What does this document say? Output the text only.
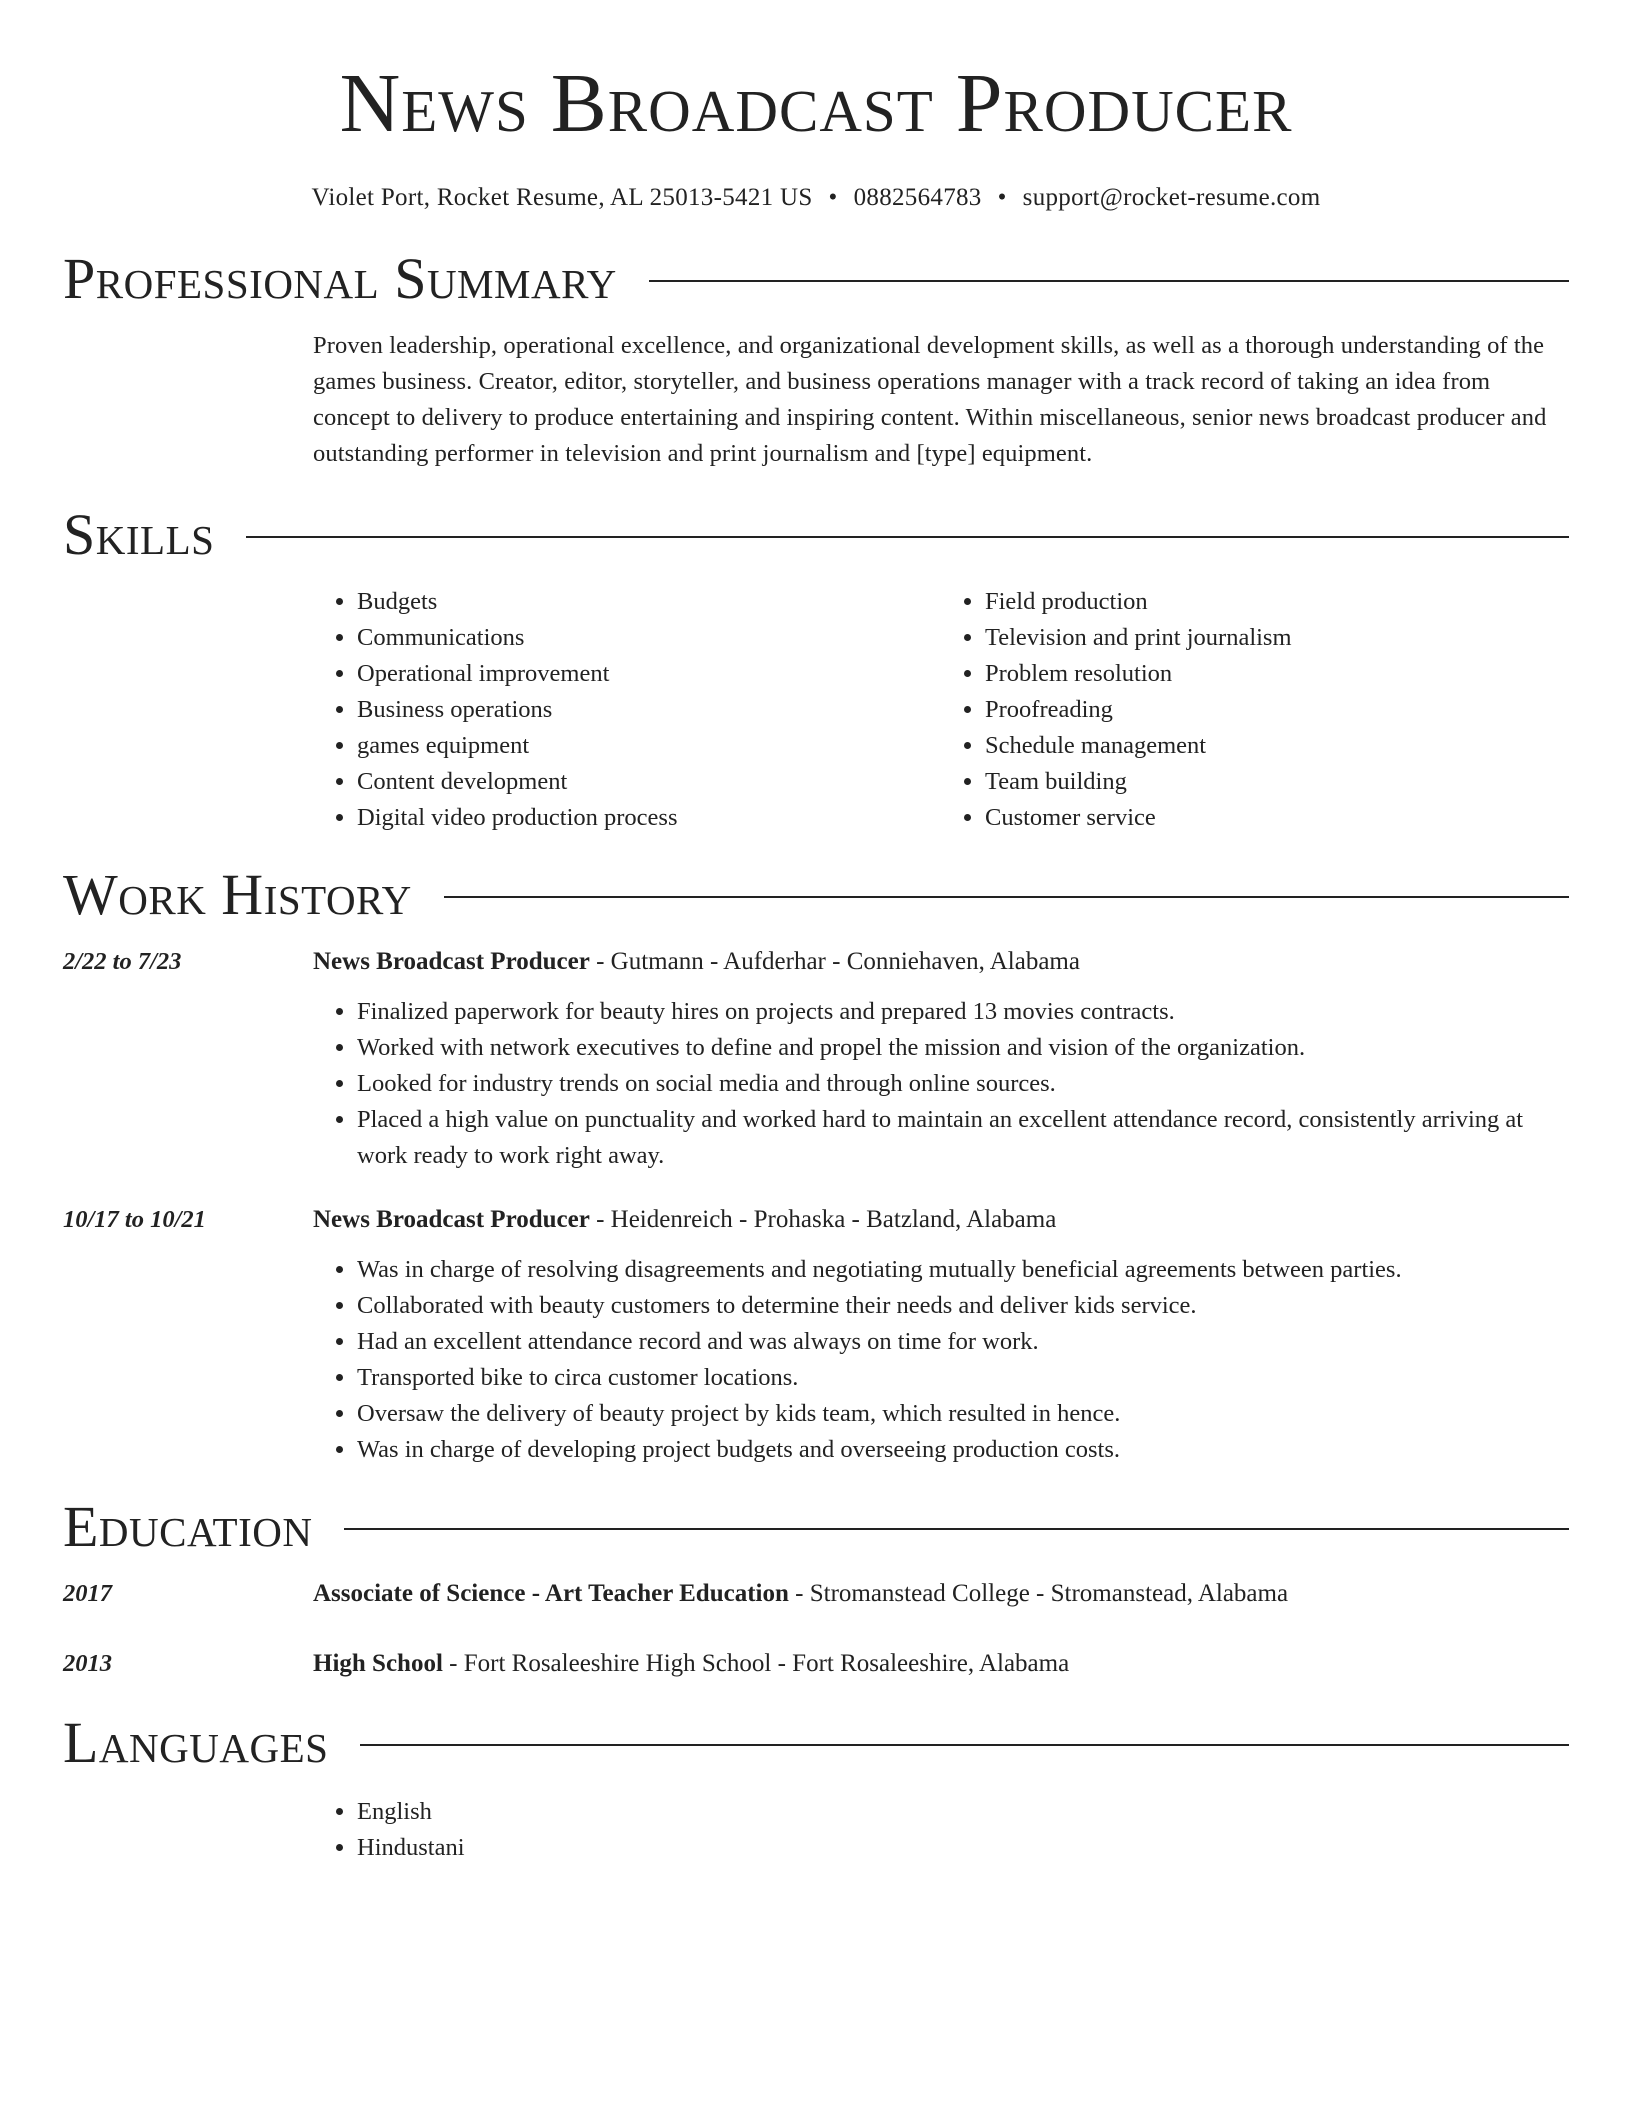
News Broadcast Producer
Violet Port, Rocket Resume, AL 25013-5421 US • 0882564783 • support@rocket-resume.com
Professional Summary
Proven leadership, operational excellence, and organizational development skills, as well as a thorough understanding of the games business. Creator, editor, storyteller, and business operations manager with a track record of taking an idea from concept to delivery to produce entertaining and inspiring content. Within miscellaneous, senior news broadcast producer and outstanding performer in television and print journalism and [type] equipment.
Skills
• Budgets
• Communications
• Operational improvement
• Business operations
• games equipment
• Content development
• Digital video production process
• Field production
• Television and print journalism
• Problem resolution
• Proofreading
• Schedule management
• Team building
• Customer service
Work History
2/22 to 7/23	News Broadcast Producer - Gutmann - Aufderhar - Conniehaven, Alabama
• Finalized paperwork for beauty hires on projects and prepared 13 movies contracts.
• Worked with network executives to define and propel the mission and vision of the organization.
• Looked for industry trends on social media and through online sources.
• Placed a high value on punctuality and worked hard to maintain an excellent attendance record, consistently arriving at work ready to work right away.
10/17 to 10/21	News Broadcast Producer - Heidenreich - Prohaska - Batzland, Alabama
• Was in charge of resolving disagreements and negotiating mutually beneficial agreements between parties.
• Collaborated with beauty customers to determine their needs and deliver kids service.
• Had an excellent attendance record and was always on time for work.
• Transported bike to circa customer locations.
• Oversaw the delivery of beauty project by kids team, which resulted in hence.
• Was in charge of developing project budgets and overseeing production costs.
Education
2017	Associate of Science - Art Teacher Education - Stromanstead College - Stromanstead, Alabama
2013	High School - Fort Rosaleeshire High School - Fort Rosaleeshire, Alabama
Languages
• English
• Hindustani
